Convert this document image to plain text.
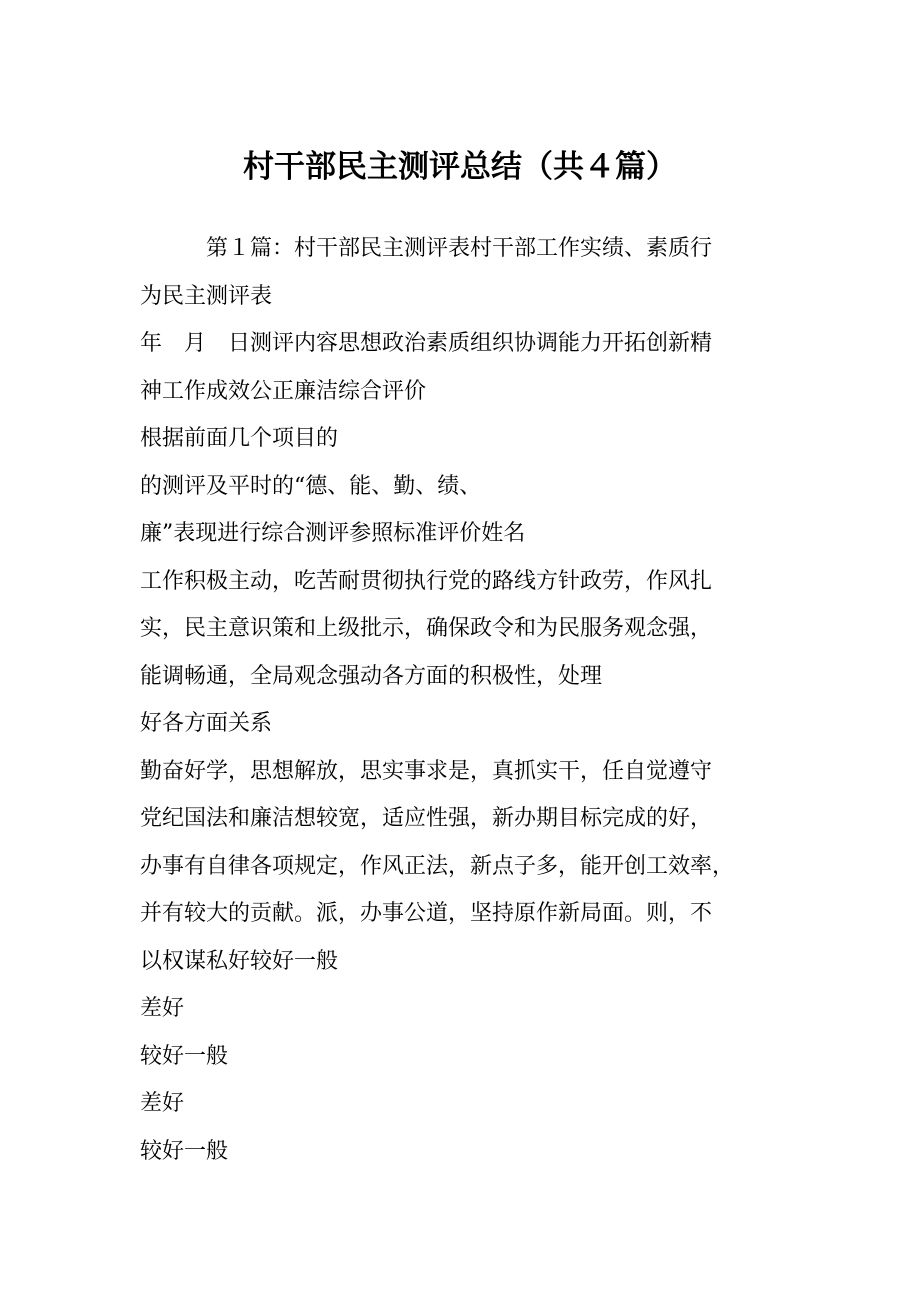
村干部民主测评总结（共４篇）
第１篇：村干部民主测评表村干部工作实绩、素质行
为民主测评表
年　月　日测评内容思想政治素质组织协调能力开拓创新精
神工作成效公正廉洁综合评价
根据前面几个项目的
的测评及平时的“德、能、勤、绩、
廉”表现进行综合测评参照标准评价姓名
工作积极主动，吃苦耐贯彻执行党的路线方针政劳，作风扎
实，民主意识策和上级批示，确保政令和为民服务观念强，
能调畅通，全局观念强动各方面的积极性，处理
好各方面关系
勤奋好学，思想解放，思实事求是，真抓实干，任自觉遵守
党纪国法和廉洁想较宽，适应性强，新办期目标完成的好，
办事有自律各项规定，作风正法，新点子多，能开创工效率，
并有较大的贡献。派，办事公道，坚持原作新局面。则，不
以权谋私好较好一般
差好
较好一般
差好
较好一般
